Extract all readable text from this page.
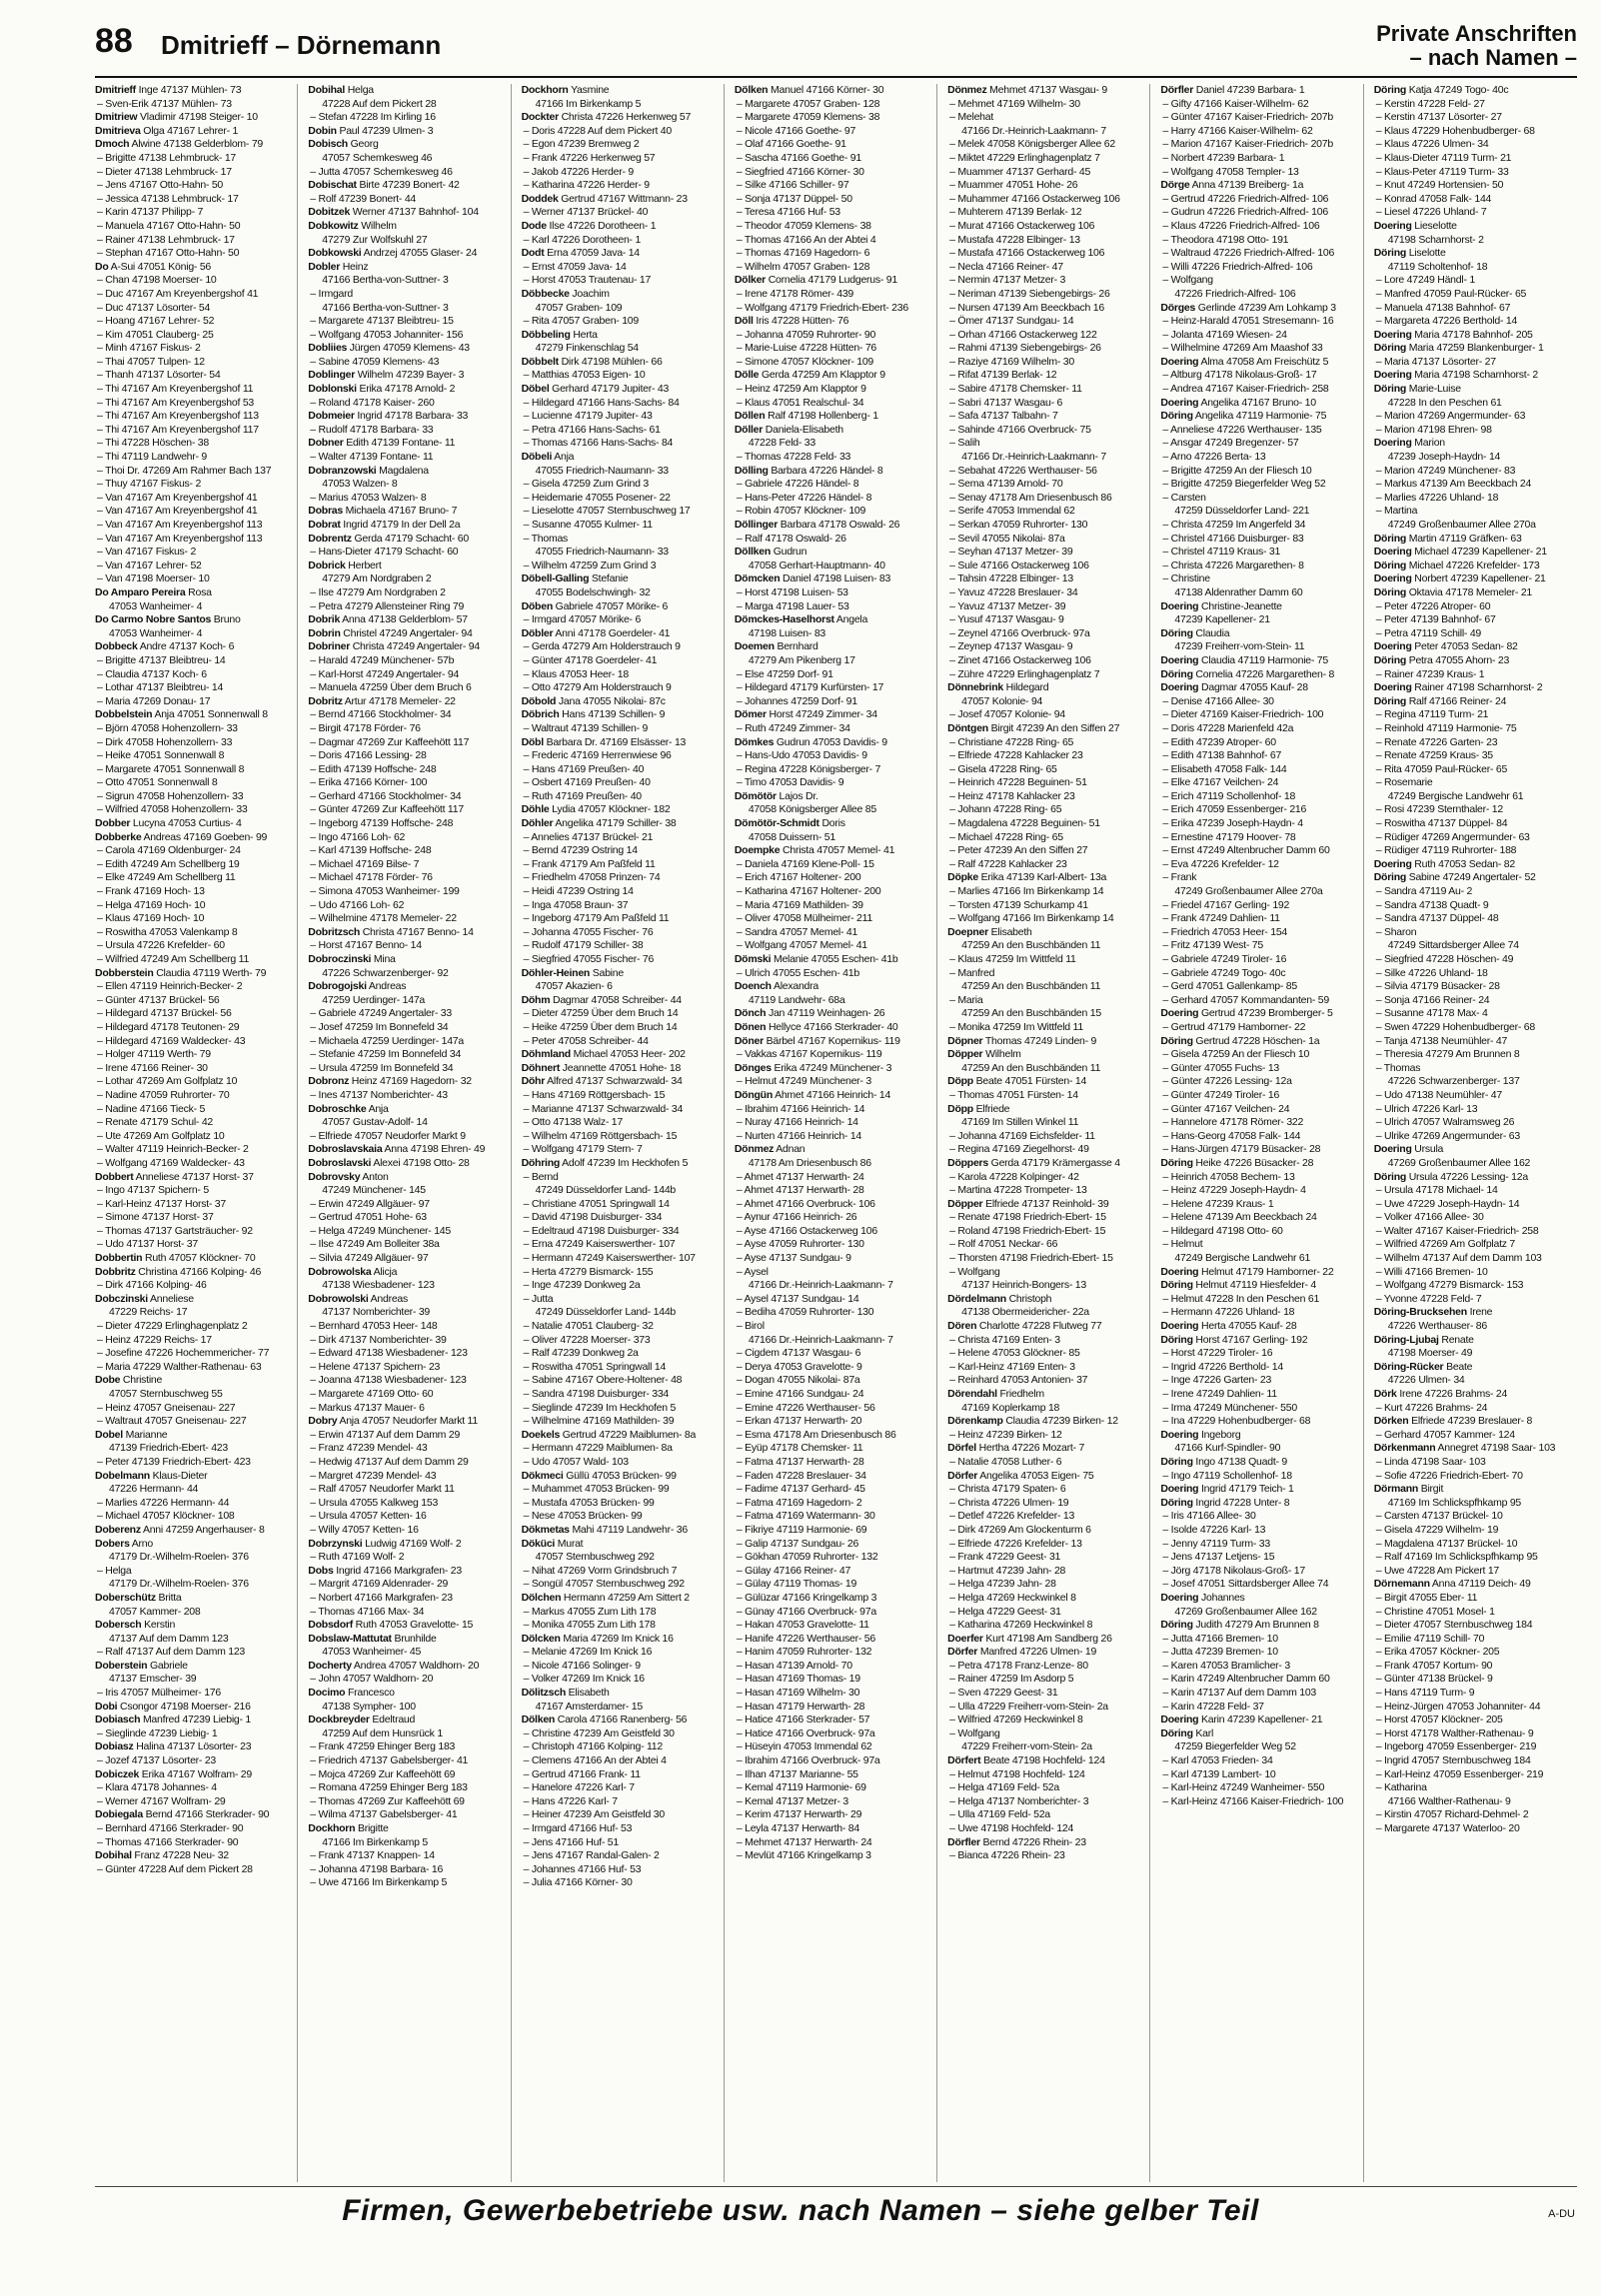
88 Dmitrieff – Dörnemann	Private Anschriften
– nach Namen –
Dmitrieff Inge 47137 Mühlen- 73
– Sven-Erik 47137 Mühlen- 73
Dmitriew Vladimir 47198 Steiger- 10
Dmitrieva Olga 47167 Lehrer- 1
Dmoch Alwine 47138 Gelderblom- 79
– Brigitte 47138 Lehmbruck- 17
– Dieter 47138 Lehmbruck- 17
– Jens 47167 Otto-Hahn- 50
– Jessica 47138 Lehmbruck- 17
– Karin 47137 Philipp- 7
– Manuela 47167 Otto-Hahn- 50
– Rainer 47138 Lehmbruck- 17
– Stephan 47167 Otto-Hahn- 50
Do A-Sui 47051 König- 56
– Chan 47198 Moerser- 10
– Duc 47167 Am Kreyenbergshof 41
– Duc 47137 Lösorter- 54
– Hoang 47167 Lehrer- 52
– Kim 47051 Clauberg- 25
– Minh 47167 Fiskus- 2
– Thai 47057 Tulpen- 12
– Thanh 47137 Lösorter- 54
– Thi 47167 Am Kreyenbergshof 11
– Thi 47167 Am Kreyenbergshof 53
– Thi 47167 Am Kreyenbergshof 113
– Thi 47167 Am Kreyenbergshof 117
– Thi 47228 Höschen- 38
– Thi 47119 Landwehr- 9
– Thoi Dr. 47269 Am Rahmer Bach 137
– Thuy 47167 Fiskus- 2
– Van 47167 Am Kreyenbergshof 41
– Van 47167 Am Kreyenbergshof 41
– Van 47167 Am Kreyenbergshof 113
– Van 47167 Am Kreyenbergshof 113
– Van 47167 Fiskus- 2
– Van 47167 Lehrer- 52
– Van 47198 Moerser- 10
Do Amparo Pereira Rosa
47053 Wanheimer- 4
Do Carmo Nobre Santos Bruno
47053 Wanheimer- 4
Dobbeck Andre 47137 Koch- 6
– Brigitte 47137 Bleibtreu- 14
– Claudia 47137 Koch- 6
– Lothar 47137 Bleibtreu- 14
– Maria 47269 Donau- 17
Dobbelstein Anja 47051 Sonnenwall 8
– Björn 47058 Hohenzollern- 33
– Dirk 47058 Hohenzollern- 33
– Heike 47051 Sonnenwall 8
– Margarete 47051 Sonnenwall 8
– Otto 47051 Sonnenwall 8
– Sigrun 47058 Hohenzollern- 33
– Wilfried 47058 Hohenzollern- 33
Dobber Lucyna 47053 Curtius- 4
Dobberke Andreas 47169 Goeben- 99
– Carola 47169 Oldenburger- 24
– Edith 47249 Am Schellberg 19
– Elke 47249 Am Schellberg 11
– Frank 47169 Hoch- 13
– Helga 47169 Hoch- 10
– Klaus 47169 Hoch- 10
– Roswitha 47053 Valenkamp 8
– Ursula 47226 Krefelder- 60
– Wilfried 47249 Am Schellberg 11
Dobberstein Claudia 47119 Werth- 79
– Ellen 47119 Heinrich-Becker- 2
– Günter 47137 Brückel- 56
– Hildegard 47137 Brückel- 56
– Hildegard 47178 Teutonen- 29
– Hildegard 47169 Waldecker- 43
– Holger 47119 Werth- 79
– Irene 47166 Reiner- 30
– Lothar 47269 Am Golfplatz 10
– Nadine 47059 Ruhrorter- 70
– Nadine 47166 Tieck- 5
– Renate 47179 Schul- 42
– Ute 47269 Am Golfplatz 10
– Walter 47119 Heinrich-Becker- 2
– Wolfgang 47169 Waldecker- 43
Dobbert Anneliese 47137 Horst- 37
– Ingo 47137 Spichern- 5
– Karl-Heinz 47137 Horst- 37
– Simone 47137 Horst- 37
– Thomas 47137 Gartsträucher- 92
– Udo 47137 Horst- 37
Dobbertin Ruth 47057 Klöckner- 70
Dobbritz Christina 47166 Kolping- 46
– Dirk 47166 Kolping- 46
Dobczinski Anneliese
47229 Reichs- 17
– Dieter 47229 Erlinghagenplatz 2
– Heinz 47229 Reichs- 17
– Josefine 47226 Hochemmericher- 77
– Maria 47229 Walther-Rathenau- 63
Dobe Christine
47057 Sternbuschweg 55
– Heinz 47057 Gneisenau- 227
– Waltraut 47057 Gneisenau- 227
Dobel Marianne
47139 Friedrich-Ebert- 423
– Peter 47139 Friedrich-Ebert- 423
Dobelmann Klaus-Dieter
47226 Hermann- 44
– Marlies 47226 Hermann- 44
– Michael 47057 Klöckner- 108
Doberenz Anni 47259 Angerhauser- 8
Dobers Arno
47179 Dr.-Wilhelm-Roelen- 376
– Helga
47179 Dr.-Wilhelm-Roelen- 376
Doberschütz Britta
47057 Kammer- 208
Dobersch Kerstin
47137 Auf dem Damm 123
– Ralf 47137 Auf dem Damm 123
Doberstein Gabriele
47137 Emscher- 39
– Iris 47057 Mülheimer- 176
Dobi Csongor 47198 Moerser- 216
Dobiasch Manfred 47239 Liebig- 1
– Sieglinde 47239 Liebig- 1
Dobiasz Halina 47137 Lösorter- 23
– Jozef 47137 Lösorter- 23
Dobiczek Erika 47167 Wolfram- 29
– Klara 47178 Johannes- 4
– Werner 47167 Wolfram- 29
Dobiegala Bernd 47166 Sterkrader- 90
– Bernhard 47166 Sterkrader- 90
– Thomas 47166 Sterkrader- 90
Dobihal Franz 47228 Neu- 32
– Günter 47228 Auf dem Pickert 28
Dobihal Helga
47228 Auf dem Pickert 28
– Stefan 47228 Im Kirling 16
Dobin Paul 47239 Ulmen- 3
Dobisch Georg
47057 Schemkesweg 46
– Jutta 47057 Schemkesweg 46
Dobischat Birte 47239 Bonert- 42
– Rolf 47239 Bonert- 44
Dobitzek Werner 47137 Bahnhof- 104
Dobkowitz Wilhelm
47279 Zur Wolfskuhl 27
Dobkowski Andrzej 47055 Glaser- 24
Dobler Heinz
47166 Bertha-von-Suttner- 3
– Irmgard
47166 Bertha-von-Suttner- 3
– Margarete 47137 Bleibtreu- 15
– Wolfgang 47053 Johanniter- 156
Dobliies Jürgen 47059 Klemens- 43
– Sabine 47059 Klemens- 43
Doblinger Wilhelm 47239 Bayer- 3
Doblonski Erika 47178 Arnold- 2
– Roland 47178 Kaiser- 260
Dobmeier Ingrid 47178 Barbara- 33
– Rudolf 47178 Barbara- 33
Dobner Edith 47139 Fontane- 11
– Walter 47139 Fontane- 11
Dobranzowski Magdalena
47053 Walzen- 8
– Marius 47053 Walzen- 8
Dobras Michaela 47167 Bruno- 7
Dobrat Ingrid 47179 In der Dell 2a
Dobrentz Gerda 47179 Schacht- 60
– Hans-Dieter 47179 Schacht- 60
Dobrick Herbert
47279 Am Nordgraben 2
– Ilse 47279 Am Nordgraben 2
– Petra 47279 Allensteiner Ring 79
Dobrik Anna 47138 Gelderblom- 57
Dobrin Christel 47249 Angertaler- 94
Dobriner Christa 47249 Angertaler- 94
– Harald 47249 Münchener- 57b
– Karl-Horst 47249 Angertaler- 94
– Manuela 47259 Über dem Bruch 6
Dobritz Artur 47178 Memeler- 22
– Bernd 47166 Stockholmer- 34
– Birgit 47178 Förder- 76
– Dagmar 47269 Zur Kaffeehött 117
– Doris 47166 Lessing- 28
– Edith 47139 Hoffsche- 248
– Erika 47166 Körner- 100
– Gerhard 47166 Stockholmer- 34
– Günter 47269 Zur Kaffeehött 117
– Ingeborg 47139 Hoffsche- 248
– Ingo 47166 Loh- 62
– Karl 47139 Hoffsche- 248
– Michael 47169 Bilse- 7
– Michael 47178 Förder- 76
– Simona 47053 Wanheimer- 199
– Udo 47166 Loh- 62
– Wilhelmine 47178 Memeler- 22
Dobritzsch Christa 47167 Benno- 14
– Horst 47167 Benno- 14
Dobroczinski Mina
47226 Schwarzenberger- 92
Dobrogojski Andreas
47259 Uerdinger- 147a
– Gabriele 47249 Angertaler- 33
– Josef 47259 Im Bonnefeld 34
– Michaela 47259 Uerdinger- 147a
– Stefanie 47259 Im Bonnefeld 34
– Ursula 47259 Im Bonnefeld 34
Dobronz Heinz 47169 Hagedorn- 32
– Ines 47137 Nomberichter- 43
Dobroschke Anja
47057 Gustav-Adolf- 14
– Elfriede 47057 Neudorfer Markt 9
Dobroslavskaia Anna 47198 Ehren- 49
Dobroslavski Alexei 47198 Otto- 28
Dobrovsky Anton
47249 Münchener- 145
– Erwin 47249 Allgäuer- 97
– Gertrud 47051 Hohe- 63
– Helga 47249 Münchener- 145
– Ilse 47249 Am Bolleiter 38a
– Silvia 47249 Allgäuer- 97
Dobrowolska Alicja
47138 Wiesbadener- 123
Dobrowolski Andreas
47137 Nomberichter- 39
– Bernhard 47053 Heer- 148
– Dirk 47137 Nomberichter- 39
– Edward 47138 Wiesbadener- 123
– Helene 47137 Spichern- 23
– Joanna 47138 Wiesbadener- 123
– Margarete 47169 Otto- 60
– Markus 47137 Mauer- 6
Dobry Anja 47057 Neudorfer Markt 11
– Erwin 47137 Auf dem Damm 29
– Franz 47239 Mendel- 43
– Hedwig 47137 Auf dem Damm 29
– Margret 47239 Mendel- 43
– Ralf 47057 Neudorfer Markt 11
– Ursula 47055 Kalkweg 153
– Ursula 47057 Ketten- 16
– Willy 47057 Ketten- 16
Dobrzynski Ludwig 47169 Wolf- 2
– Ruth 47169 Wolf- 2
Dobs Ingrid 47166 Markgrafen- 23
– Margrit 47169 Aldenrader- 29
– Norbert 47166 Markgrafen- 23
– Thomas 47166 Max- 34
Dobsdorf Ruth 47053 Gravelotte- 15
Dobslaw-Mattutat Brunhilde
47053 Wanheimer- 45
Docherty Andrea 47057 Waldhorn- 20
– John 47057 Waldhorn- 20
Docimo Francesco
47138 Sympher- 100
Dockbreyder Edeltraud
47259 Auf dem Hunsrück 1
– Frank 47259 Ehinger Berg 183
– Friedrich 47137 Gabelsberger- 41
– Mojca 47269 Zur Kaffeehött 69
– Romana 47259 Ehinger Berg 183
– Thomas 47269 Zur Kaffeehött 69
– Wilma 47137 Gabelsberger- 41
Dockhorn Brigitte
47166 Im Birkenkamp 5
– Frank 47137 Knappen- 14
– Johanna 47198 Barbara- 16
– Uwe 47166 Im Birkenkamp 5
Dockhorn Yasmine
47166 Im Birkenkamp 5
Dockter Christa 47226 Herkenweg 57
– Doris 47228 Auf dem Pickert 40
– Egon 47239 Bremweg 2
– Frank 47226 Herkenweg 57
– Jakob 47226 Herder- 9
– Katharina 47226 Herder- 9
Doddek Gertrud 47167 Wittmann- 23
– Werner 47137 Brückel- 40
Dode Ilse 47226 Dorotheen- 1
– Karl 47226 Dorotheen- 1
Dodt Erna 47059 Java- 14
– Ernst 47059 Java- 14
– Horst 47053 Trautenau- 17
Döbbecke Joachim
47057 Graben- 109
– Rita 47057 Graben- 109
Döbbeling Herta
47279 Finkenschlag 54
Döbbelt Dirk 47198 Mühlen- 66
– Matthias 47053 Eigen- 10
Döbel Gerhard 47179 Jupiter- 43
– Hildegard 47166 Hans-Sachs- 84
– Lucienne 47179 Jupiter- 43
– Petra 47166 Hans-Sachs- 61
– Thomas 47166 Hans-Sachs- 84
Döbeli Anja
47055 Friedrich-Naumann- 33
– Gisela 47259 Zum Grind 3
– Heidemarie 47055 Posener- 22
– Lieselotte 47057 Sternbuschweg 17
– Susanne 47055 Kulmer- 11
– Thomas
47055 Friedrich-Naumann- 33
– Wilhelm 47259 Zum Grind 3
Döbell-Galling Stefanie
47055 Bodelschwingh- 32
Döben Gabriele 47057 Mörike- 6
– Irmgard 47057 Mörike- 6
Döbler Anni 47178 Goerdeler- 41
– Gerda 47279 Am Holderstrauch 9
– Günter 47178 Goerdeler- 41
– Klaus 47053 Heer- 18
– Otto 47279 Am Holderstrauch 9
Döbold Jana 47055 Nikolai- 87c
Döbrich Hans 47139 Schillen- 9
– Waltraut 47139 Schillen- 9
Döbl Barbara Dr. 47169 Elsässer- 13
– Frederic 47169 Herrenwiese 96
– Hans 47169 Preußen- 40
– Osbert 47169 Preußen- 40
– Ruth 47169 Preußen- 40
Döhle Lydia 47057 Klöckner- 182
Döhler Angelika 47179 Schiller- 38
– Annelies 47137 Brückel- 21
– Bernd 47239 Ostring 14
– Frank 47179 Am Paßfeld 11
– Friedhelm 47058 Prinzen- 74
– Heidi 47239 Ostring 14
– Inga 47058 Braun- 37
– Ingeborg 47179 Am Paßfeld 11
– Johanna 47055 Fischer- 76
– Rudolf 47179 Schiller- 38
– Siegfried 47055 Fischer- 76
Döhler-Heinen Sabine
47057 Akazien- 6
Döhm Dagmar 47058 Schreiber- 44
– Dieter 47259 Über dem Bruch 14
– Heike 47259 Über dem Bruch 14
– Peter 47058 Schreiber- 44
Döhmland Michael 47053 Heer- 202
Döhnert Jeannette 47051 Hohe- 18
Döhr Alfred 47137 Schwarzwald- 34
– Hans 47169 Röttgersbach- 15
– Marianne 47137 Schwarzwald- 34
– Otto 47138 Walz- 17
– Wilhelm 47169 Röttgersbach- 15
– Wolfgang 47179 Stern- 7
Döhring Adolf 47239 Im Heckhofen 5
– Bernd
47249 Düsseldorfer Land- 144b
– Christiane 47051 Springwall 14
– David 47198 Duisburger- 334
– Edeltraud 47198 Duisburger- 334
– Erna 47249 Kaiserswerther- 107
– Hermann 47249 Kaiserswerther- 107
– Herta 47279 Bismarck- 155
– Inge 47239 Donkweg 2a
– Jutta
47249 Düsseldorfer Land- 144b
– Natalie 47051 Clauberg- 32
– Oliver 47228 Moerser- 373
– Ralf 47239 Donkweg 2a
– Roswitha 47051 Springwall 14
– Sabine 47167 Obere-Holtener- 48
– Sandra 47198 Duisburger- 334
– Sieglinde 47239 Im Heckhofen 5
– Wilhelmine 47169 Mathilden- 39
Doekels Gertrud 47229 Maiblumen- 8a
– Hermann 47229 Maiblumen- 8a
– Udo 47057 Wald- 103
Dökmeci Güllü 47053 Brücken- 99
– Muhammet 47053 Brücken- 99
– Mustafa 47053 Brücken- 99
– Nese 47053 Brücken- 99
Dökmetas Mahi 47119 Landwehr- 36
Döküci Murat
47057 Sternbuschweg 292
– Nihat 47269 Vorm Grindsbruch 7
– Songül 47057 Sternbuschweg 292
Dölchen Hermann 47259 Am Sittert 2
– Markus 47055 Zum Lith 178
– Monika 47055 Zum Lith 178
Dölcken Maria 47269 Im Knick 16
– Melanie 47269 Im Knick 16
– Nicole 47166 Solinger- 9
– Volker 47269 Im Knick 16
Dölitzsch Elisabeth
47167 Amsterdamer- 15
Dölken Carola 47166 Ranenberg- 56
– Christine 47239 Am Geistfeld 30
– Christoph 47166 Kolping- 112
– Clemens 47166 An der Abtei 4
– Gertrud 47166 Frank- 11
– Hanelore 47226 Karl- 7
– Hans 47226 Karl- 7
– Heiner 47239 Am Geistfeld 30
– Irmgard 47166 Huf- 53
– Jens 47166 Huf- 51
– Jens 47167 Randal-Galen- 2
– Johannes 47166 Huf- 53
– Julia 47166 Körner- 30
Dölken Manuel 47166 Körner- 30
– Margarete 47057 Graben- 128
– Margarete 47059 Klemens- 38
– Nicole 47166 Goethe- 97
– Olaf 47166 Goethe- 91
– Sascha 47166 Goethe- 91
– Siegfried 47166 Körner- 30
– Silke 47166 Schiller- 97
– Sonja 47137 Düppel- 50
– Teresa 47166 Huf- 53
– Theodor 47059 Klemens- 38
– Thomas 47166 An der Abtei 4
– Thomas 47169 Hagedorn- 6
– Wilhelm 47057 Graben- 128
Dölker Cornelia 47179 Ludgerus- 91
– Irene 47178 Römer- 439
– Wolfgang 47179 Friedrich-Ebert- 236
Döll Iris 47228 Hütten- 76
– Johanna 47059 Ruhrorter- 90
– Marie-Luise 47228 Hütten- 76
– Simone 47057 Klöckner- 109
Dölle Gerda 47259 Am Klapptor 9
– Heinz 47259 Am Klapptor 9
– Klaus 47051 Realschul- 34
Döllen Ralf 47198 Hollenberg- 1
Döller Daniela-Elisabeth
47228 Feld- 33
– Thomas 47228 Feld- 33
Dölling Barbara 47226 Händel- 8
– Gabriele 47226 Händel- 8
– Hans-Peter 47226 Händel- 8
– Robin 47057 Klöckner- 109
Döllinger Barbara 47178 Oswald- 26
– Ralf 47178 Oswald- 26
Döllken Gudrun
47058 Gerhart-Hauptmann- 40
Dömcken Daniel 47198 Luisen- 83
– Horst 47198 Luisen- 53
– Marga 47198 Lauer- 53
Dömckes-Haselhorst Angela
47198 Luisen- 83
Doemen Bernhard
47279 Am Pikenberg 17
– Else 47259 Dorf- 91
– Hildegard 47179 Kurfürsten- 17
– Johannes 47259 Dorf- 91
Dömer Horst 47249 Zimmer- 34
– Ruth 47249 Zimmer- 34
Dömkes Gudrun 47053 Davidis- 9
– Hans-Udo 47053 Davidis- 9
– Regina 47228 Königsberger- 7
– Timo 47053 Davidis- 9
Dömötör Lajos Dr.
47058 Königsberger Allee 85
Dömötör-Schmidt Doris
47058 Duissern- 51
Doempke Christa 47057 Memel- 41
– Daniela 47169 Klene-Poll- 15
– Erich 47167 Holtener- 200
– Katharina 47167 Holtener- 200
– Maria 47169 Mathilden- 39
– Oliver 47058 Mülheimer- 211
– Sandra 47057 Memel- 41
– Wolfgang 47057 Memel- 41
Dömski Melanie 47055 Eschen- 41b
– Ulrich 47055 Eschen- 41b
Doench Alexandra
47119 Landwehr- 68a
Dönch Jan 47119 Weinhagen- 26
Dönen Hellyce 47166 Sterkrader- 40
Döner Bärbel 47167 Kopernikus- 119
– Vakkas 47167 Kopernikus- 119
Dönges Erika 47249 Münchener- 3
– Helmut 47249 Münchener- 3
Döngün Ahmet 47166 Heinrich- 14
– Ibrahim 47166 Heinrich- 14
– Nuray 47166 Heinrich- 14
– Nurten 47166 Heinrich- 14
Dönmez Adnan
47178 Am Driesenbusch 86
– Ahmet 47137 Herwarth- 24
– Ahmet 47137 Herwarth- 28
– Ahmet 47166 Overbruck- 106
– Aynur 47166 Heinrich- 26
– Ayse 47166 Ostackerweg 106
– Ayse 47059 Ruhrorter- 130
– Ayse 47137 Sundgau- 9
– Aysel
47166 Dr.-Heinrich-Laakmann- 7
– Aysel 47137 Sundgau- 14
– Bediha 47059 Ruhrorter- 130
– Birol
47166 Dr.-Heinrich-Laakmann- 7
– Cigdem 47137 Wasgau- 6
– Derya 47053 Gravelotte- 9
– Dogan 47055 Nikolai- 87a
– Emine 47166 Sundgau- 24
– Emine 47226 Werthauser- 56
– Erkan 47137 Herwarth- 20
– Esma 47178 Am Driesenbusch 86
– Eyüp 47178 Chemsker- 11
– Fatma 47137 Herwarth- 28
– Faden 47228 Breslauer- 34
– Fadime 47137 Gerhard- 45
– Fatma 47169 Hagedorn- 2
– Fatma 47169 Watermann- 30
– Fikriye 47119 Harmonie- 69
– Galip 47137 Sundgau- 26
– Gökhan 47059 Ruhrorter- 132
– Gülay 47166 Reiner- 47
– Gülay 47119 Thomas- 19
– Gülüzar 47166 Kringelkamp 3
– Günay 47166 Overbruck- 97a
– Hakan 47053 Gravelotte- 11
– Hanife 47226 Werthauser- 56
– Hanim 47059 Ruhrorter- 132
– Hasan 47139 Arnold- 70
– Hasan 47169 Thomas- 19
– Hasan 47169 Wilhelm- 30
– Hasan 47179 Herwarth- 28
– Hatice 47166 Sterkrader- 57
– Hatice 47166 Overbruck- 97a
– Hüseyin 47053 Immendal 62
– Ibrahim 47166 Overbruck- 97a
– Ilhan 47137 Marianne- 55
– Kemal 47119 Harmonie- 69
– Kemal 47137 Metzer- 3
– Kerim 47137 Herwarth- 29
– Leyla 47137 Herwarth- 84
– Mehmet 47137 Herwarth- 24
– Mevlüt 47166 Kringelkamp 3
Dönmez Mehmet 47137 Wasgau- 9
– Mehmet 47169 Wilhelm- 30
– Melehat
47166 Dr.-Heinrich-Laakmann- 7
– Melek 47058 Königsberger Allee 62
– Miktet 47229 Erlinghagenplatz 7
– Muammer 47137 Gerhard- 45
– Muammer 47051 Hohe- 26
– Muhammer 47166 Ostackerweg 106
– Muhterem 47139 Berlak- 12
– Murat 47166 Ostackerweg 106
– Mustafa 47228 Elbinger- 13
– Mustafa 47166 Ostackerweg 106
– Necla 47166 Reiner- 47
– Nermin 47137 Metzer- 3
– Neriman 47139 Siebengebirgs- 26
– Nursen 47139 Am Beeckbach 16
– Ömer 47137 Sundgau- 14
– Orhan 47166 Ostackerweg 122
– Rahmi 47139 Siebengebirgs- 26
– Raziye 47169 Wilhelm- 30
– Rifat 47139 Berlak- 12
– Sabire 47178 Chemsker- 11
– Sabri 47137 Wasgau- 6
– Safa 47137 Talbahn- 7
– Sahinde 47166 Overbruck- 75
– Salih
47166 Dr.-Heinrich-Laakmann- 7
– Sebahat 47226 Werthauser- 56
– Sema 47139 Arnold- 70
– Senay 47178 Am Driesenbusch 86
– Serife 47053 Immendal 62
– Serkan 47059 Ruhrorter- 130
– Sevil 47055 Nikolai- 87a
– Seyhan 47137 Metzer- 39
– Sule 47166 Ostackerweg 106
– Tahsin 47228 Elbinger- 13
– Yavuz 47228 Breslauer- 34
– Yavuz 47137 Metzer- 39
– Yusuf 47137 Wasgau- 9
– Zeynel 47166 Overbruck- 97a
– Zeynep 47137 Wasgau- 9
– Zinet 47166 Ostackerweg 106
– Zühre 47229 Erlinghagenplatz 7
Dönnebrink Hildegard
47057 Kolonie- 94
– Josef 47057 Kolonie- 94
Döntgen Birgit 47239 An den Siffen 27
– Christiane 47228 Ring- 65
– Elfriede 47228 Kahlacker 23
– Gisela 47228 Ring- 65
– Heinrich 47228 Beguinen- 51
– Heinz 47178 Kahlacker 23
– Johann 47228 Ring- 65
– Magdalena 47228 Beguinen- 51
– Michael 47228 Ring- 65
– Peter 47239 An den Siffen 27
– Ralf 47228 Kahlacker 23
Döpke Erika 47139 Karl-Albert- 13a
– Marlies 47166 Im Birkenkamp 14
– Torsten 47139 Schurkamp 41
– Wolfgang 47166 Im Birkenkamp 14
Doepner Elisabeth
47259 An den Buschbänden 11
– Klaus 47259 Im Wittfeld 11
– Manfred
47259 An den Buschbänden 11
– Maria
47259 An den Buschbänden 15
– Monika 47259 Im Wittfeld 11
Döpner Thomas 47249 Linden- 9
Döpper Wilhelm
47259 An den Buschbänden 11
Döpp Beate 47051 Fürsten- 14
– Thomas 47051 Fürsten- 14
Döpp Elfriede
47169 Im Stillen Winkel 11
– Johanna 47169 Eichsfelder- 11
– Regina 47169 Ziegelhorst- 49
Döppers Gerda 47179 Krämergasse 4
– Karola 47228 Kolpinger- 42
– Martina 47228 Trompeter- 13
Döpper Elfriede 47137 Reinhold- 39
– Renate 47198 Friedrich-Ebert- 15
– Roland 47198 Friedrich-Ebert- 15
– Rolf 47051 Neckar- 66
– Thorsten 47198 Friedrich-Ebert- 15
– Wolfgang
47137 Heinrich-Bongers- 13
Dördelmann Christoph
47138 Obermeidericher- 22a
Dören Charlotte 47228 Flutweg 77
– Christa 47169 Enten- 3
– Helene 47053 Glöckner- 85
– Karl-Heinz 47169 Enten- 3
– Reinhard 47053 Antonien- 37
Dörendahl Friedhelm
47169 Koplerkamp 18
Dörenkamp Claudia 47239 Birken- 12
– Heinz 47239 Birken- 12
Dörfel Hertha 47226 Mozart- 7
– Natalie 47058 Luther- 6
Dörfer Angelika 47053 Eigen- 75
– Christa 47179 Spaten- 6
– Christa 47226 Ulmen- 19
– Detlef 47226 Krefelder- 13
– Dirk 47269 Am Glockenturm 6
– Elfriede 47226 Krefelder- 13
– Frank 47229 Geest- 31
– Hartmut 47239 Jahn- 28
– Helga 47239 Jahn- 28
– Helga 47269 Heckwinkel 8
– Helga 47229 Geest- 31
– Katharina 47269 Heckwinkel 8
Doerfer Kurt 47198 Am Sandberg 26
Dörfer Manfred 47226 Ulmen- 19
– Petra 47178 Franz-Lenze- 80
– Rainer 47259 Im Asdorp 5
– Sven 47229 Geest- 31
– Ulla 47229 Freiherr-vom-Stein- 2a
– Wilfried 47269 Heckwinkel 8
– Wolfgang
47229 Freiherr-vom-Stein- 2a
Dörfert Beate 47198 Hochfeld- 124
– Helmut 47198 Hochfeld- 124
– Helga 47169 Feld- 52a
– Helga 47137 Nomberichter- 3
– Ulla 47169 Feld- 52a
– Uwe 47198 Hochfeld- 124
Dörfler Bernd 47226 Rhein- 23
– Bianca 47226 Rhein- 23
Dörfler Daniel 47239 Barbara- 1
– Gifty 47166 Kaiser-Wilhelm- 62
– Günter 47167 Kaiser-Friedrich- 207b
– Harry 47166 Kaiser-Wilhelm- 62
– Marion 47167 Kaiser-Friedrich- 207b
– Norbert 47239 Barbara- 1
– Wolfgang 47058 Templer- 13
Dörge Anna 47139 Breiberg- 1a
– Gertrud 47226 Friedrich-Alfred- 106
– Gudrun 47226 Friedrich-Alfred- 106
– Klaus 47226 Friedrich-Alfred- 106
– Theodora 47198 Otto- 191
– Waltraud 47226 Friedrich-Alfred- 106
– Willi 47226 Friedrich-Alfred- 106
– Wolfgang
47226 Friedrich-Alfred- 106
Dörges Gerlinde 47239 Am Lohkamp 3
– Heinz-Harald 47051 Stresemann- 16
– Jolanta 47169 Wiesen- 24
– Wilhelmine 47269 Am Maashof 33
Doering Alma 47058 Am Freischütz 5
– Altburg 47178 Nikolaus-Groß- 17
– Andrea 47167 Kaiser-Friedrich- 258
Doering Angelika 47167 Bruno- 10
Döring Angelika 47119 Harmonie- 75
– Anneliese 47226 Werthauser- 135
– Ansgar 47249 Bregenzer- 57
– Arno 47226 Berta- 13
– Brigitte 47259 An der Fliesch 10
– Brigitte 47259 Biegerfelder Weg 52
– Carsten
47259 Düsseldorfer Land- 221
– Christa 47259 Im Angerfeld 34
– Christel 47166 Duisburger- 83
– Christel 47119 Kraus- 31
– Christa 47226 Margarethen- 8
– Christine
47138 Aldenrather Damm 60
Doering Christine-Jeanette
47239 Kapellener- 21
Döring Claudia
47239 Freiherr-vom-Stein- 11
Doering Claudia 47119 Harmonie- 75
Döring Cornelia 47226 Margarethen- 8
Doering Dagmar 47055 Kauf- 28
– Denise 47166 Allee- 30
– Dieter 47169 Kaiser-Friedrich- 100
– Doris 47228 Marienfeld 42a
– Edith 47239 Atroper- 60
– Edith 47138 Bahnhof- 67
– Elisabeth 47058 Falk- 144
– Elke 47167 Veilchen- 24
– Erich 47119 Schollenhof- 18
– Erich 47059 Essenberger- 216
– Erika 47239 Joseph-Haydn- 4
– Ernestine 47179 Hoover- 78
– Ernst 47249 Altenbrucher Damm 60
– Eva 47226 Krefelder- 12
– Frank
47249 Großenbaumer Allee 270a
– Friedel 47167 Gerling- 192
– Frank 47249 Dahlien- 11
– Friedrich 47053 Heer- 154
– Fritz 47139 West- 75
– Gabriele 47249 Tiroler- 16
– Gabriele 47249 Togo- 40c
– Gerd 47051 Gallenkamp- 85
– Gerhard 47057 Kommandanten- 59
Doering Gertrud 47239 Bromberger- 5
– Gertrud 47179 Hamborner- 22
Döring Gertrud 47228 Höschen- 1a
– Gisela 47259 An der Fliesch 10
– Günter 47055 Fuchs- 13
– Günter 47226 Lessing- 12a
– Günter 47249 Tiroler- 16
– Günter 47167 Veilchen- 24
– Hannelore 47178 Römer- 322
– Hans-Georg 47058 Falk- 144
– Hans-Jürgen 47179 Büsacker- 28
Döring Heike 47226 Büsacker- 28
– Heinrich 47058 Bechem- 13
– Heinz 47229 Joseph-Haydn- 4
– Helene 47239 Kraus- 1
– Helene 47139 Am Beeckbach 24
– Hildegard 47198 Otto- 60
– Helmut
47249 Bergische Landwehr 61
Doering Helmut 47179 Hamborner- 22
Döring Helmut 47119 Hiesfelder- 4
– Helmut 47228 In den Peschen 61
– Hermann 47226 Uhland- 18
Doering Herta 47055 Kauf- 28
Döring Horst 47167 Gerling- 192
– Horst 47229 Tiroler- 16
– Ingrid 47226 Berthold- 14
– Inge 47226 Garten- 23
– Irene 47249 Dahlien- 11
– Irma 47249 Münchener- 550
– Ina 47229 Hohenbudberger- 68
Doering Ingeborg
47166 Kurf-Spindler- 90
Döring Ingo 47138 Quadt- 9
– Ingo 47119 Schollenhof- 18
Doering Ingrid 47179 Teich- 1
Döring Ingrid 47228 Unter- 8
– Iris 47166 Allee- 30
– Isolde 47226 Karl- 13
– Jenny 47119 Turm- 33
– Jens 47137 Letjens- 15
– Jörg 47178 Nikolaus-Groß- 17
– Josef 47051 Sittardsberger Allee 74
Doering Johannes
47269 Großenbaumer Allee 162
Döring Judith 47279 Am Brunnen 8
– Jutta 47166 Bremen- 10
– Jutta 47239 Bremen- 10
– Karen 47053 Bramlicher- 3
– Karin 47249 Altenbrucher Damm 60
– Karin 47137 Auf dem Damm 103
– Karin 47228 Feld- 37
Doering Karin 47239 Kapellener- 21
Döring Karl
47259 Biegerfelder Weg 52
– Karl 47053 Frieden- 34
– Karl 47139 Lambert- 10
– Karl-Heinz 47249 Wanheimer- 550
– Karl-Heinz 47166 Kaiser-Friedrich- 100
Döring Katja 47249 Togo- 40c
– Kerstin 47228 Feld- 27
– Kerstin 47137 Lösorter- 27
– Klaus 47229 Hohenbudberger- 68
– Klaus 47226 Ulmen- 34
– Klaus-Dieter 47119 Turm- 21
– Klaus-Peter 47119 Turm- 33
– Knut 47249 Hortensien- 50
– Konrad 47058 Falk- 144
– Liesel 47226 Uhland- 7
Doering Lieselotte
47198 Scharnhorst- 2
Döring Liselotte
47119 Scholtenhof- 18
– Lore 47249 Händl- 1
– Manfred 47059 Paul-Rücker- 65
– Manuela 47138 Bahnhof- 67
– Margareta 47226 Berthold- 14
Doering Maria 47178 Bahnhof- 205
Döring Maria 47259 Blankenburger- 1
– Maria 47137 Lösorter- 27
Doering Maria 47198 Scharnhorst- 2
Döring Marie-Luise
47228 In den Peschen 61
– Marion 47269 Angermunder- 63
– Marion 47198 Ehren- 98
Doering Marion
47239 Joseph-Haydn- 14
– Marion 47249 Münchener- 83
– Markus 47139 Am Beeckbach 24
– Marlies 47226 Uhland- 18
– Martina
47249 Großenbaumer Allee 270a
Döring Martin 47119 Gräfken- 63
Doering Michael 47239 Kapellener- 21
Döring Michael 47226 Krefelder- 173
Doering Norbert 47239 Kapellener- 21
Döring Oktavia 47178 Memeler- 21
– Peter 47226 Atroper- 60
– Peter 47139 Bahnhof- 67
– Petra 47119 Schill- 49
Doering Peter 47053 Sedan- 82
Döring Petra 47055 Ahorn- 23
– Rainer 47239 Kraus- 1
Doering Rainer 47198 Scharnhorst- 2
Döring Ralf 47166 Reiner- 24
– Regina 47119 Turm- 21
– Reinhold 47119 Harmonie- 75
– Renate 47226 Garten- 23
– Renate 47259 Kraus- 35
– Rita 47059 Paul-Rücker- 65
– Rosemarie
47249 Bergische Landwehr 61
– Rosi 47239 Sternthaler- 12
– Roswitha 47137 Düppel- 84
– Rüdiger 47269 Angermunder- 63
– Rüdiger 47119 Ruhrorter- 188
Doering Ruth 47053 Sedan- 82
Döring Sabine 47249 Angertaler- 52
– Sandra 47119 Au- 2
– Sandra 47138 Quadt- 9
– Sandra 47137 Düppel- 48
– Sharon
47249 Sittardsberger Allee 74
– Siegfried 47228 Höschen- 49
– Silke 47226 Uhland- 18
– Silvia 47179 Büsacker- 28
– Sonja 47166 Reiner- 24
– Susanne 47178 Max- 4
– Swen 47229 Hohenbudberger- 68
– Tanja 47138 Neumühler- 47
– Theresia 47279 Am Brunnen 8
– Thomas
47226 Schwarzenberger- 137
– Udo 47138 Neumühler- 47
– Ulrich 47226 Karl- 13
– Ulrich 47057 Walramsweg 26
– Ulrike 47269 Angermunder- 63
Doering Ursula
47269 Großenbaumer Allee 162
Döring Ursula 47226 Lessing- 12a
– Ursula 47178 Michael- 14
– Uwe 47229 Joseph-Haydn- 14
– Volker 47166 Allee- 30
– Walter 47167 Kaiser-Friedrich- 258
– Wilfried 47269 Am Golfplatz 7
– Wilhelm 47137 Auf dem Damm 103
– Willi 47166 Bremen- 10
– Wolfgang 47279 Bismarck- 153
– Yvonne 47228 Feld- 7
Döring-Brucksehen Irene
47226 Werthauser- 86
Döring-Ljubaj Renate
47198 Moerser- 49
Döring-Rücker Beate
47226 Ulmen- 34
Dörk Irene 47226 Brahms- 24
– Kurt 47226 Brahms- 24
Dörken Elfriede 47239 Breslauer- 8
– Gerhard 47057 Kammer- 124
Dörkenmann Annegret 47198 Saar- 103
– Linda 47198 Saar- 103
– Sofie 47226 Friedrich-Ebert- 70
Dörmann Birgit
47169 Im Schlickspfhkamp 95
– Carsten 47137 Brückel- 10
– Gisela 47229 Wilhelm- 19
– Magdalena 47137 Brückel- 10
– Ralf 47169 Im Schlickspfhkamp 95
– Uwe 47228 Am Pickert 17
Dörnemann Anna 47119 Deich- 49
– Birgit 47055 Eber- 11
– Christine 47051 Mosel- 1
– Dieter 47057 Sternbuschweg 184
– Emilie 47119 Schill- 70
– Erika 47057 Köckner- 205
– Frank 47057 Kortum- 90
– Günter 47138 Brückel- 9
– Hans 47119 Turm- 9
– Heinz-Jürgen 47053 Johanniter- 44
– Horst 47057 Klöckner- 205
– Horst 47178 Walther-Rathenau- 9
– Ingeborg 47059 Essenberger- 219
– Ingrid 47057 Sternbuschweg 184
– Karl-Heinz 47059 Essenberger- 219
– Katharina
47166 Walther-Rathenau- 9
– Kirstin 47057 Richard-Dehmel- 2
– Margarete 47137 Waterloo- 20
Firmen, Gewerbebetriebe usw. nach Namen – siehe gelber Teil	A-DU
